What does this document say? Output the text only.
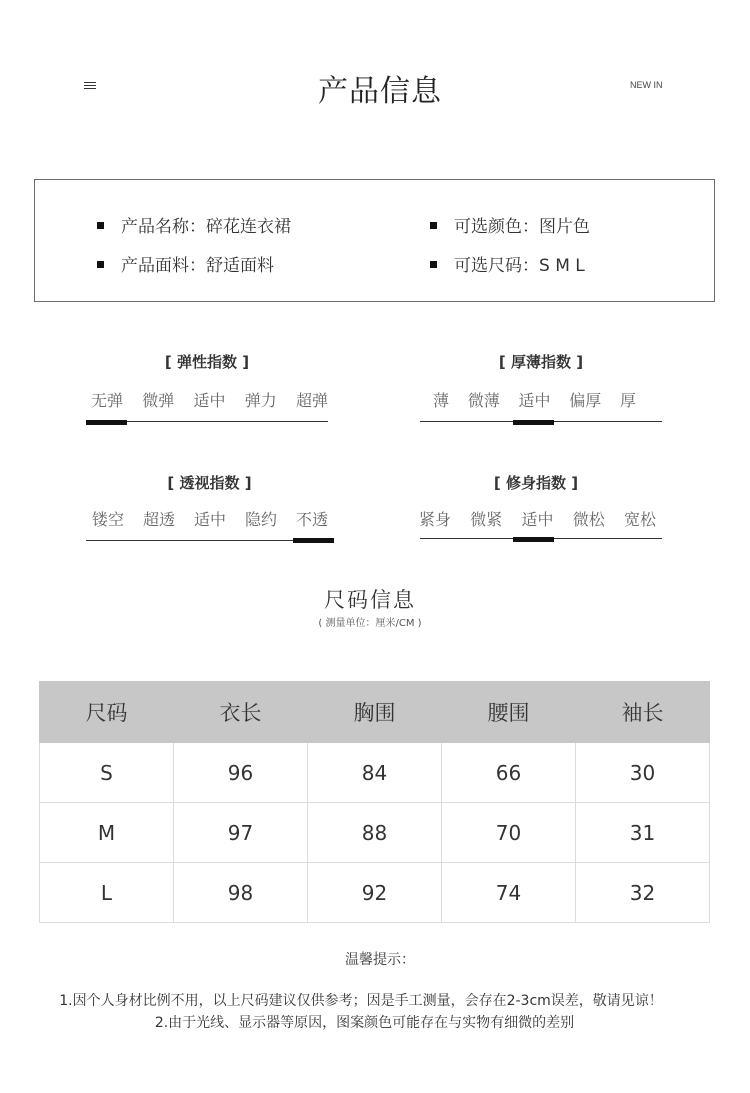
产品信息	NEW IN
产品名称：碎花连衣裙
产品面料：舒适面料
可选颜色：图片色
可选尺码：S M L
[ 弹性指数 ]
无弹 微弹 适中 弹力 超弹
[ 厚薄指数 ]
薄 微薄 适中 偏厚 厚
[ 透视指数 ]
镂空 超透 适中 隐约 不透
[ 修身指数 ]
紧身 微紧 适中 微松 宽松
尺码信息
( 测量单位：厘米/CM )
尺码	衣长	胸围	腰围	袖长
S	96	84	66	30
M	97	88	70	31
L	98	92	74	32
温馨提示：
1.因个人身材比例不用，以上尺码建议仅供参考；因是手工测量，会存在2-3cm误差，敬请见谅！
2.由于光线、显示器等原因，图案颜色可能存在与实物有细微的差别
